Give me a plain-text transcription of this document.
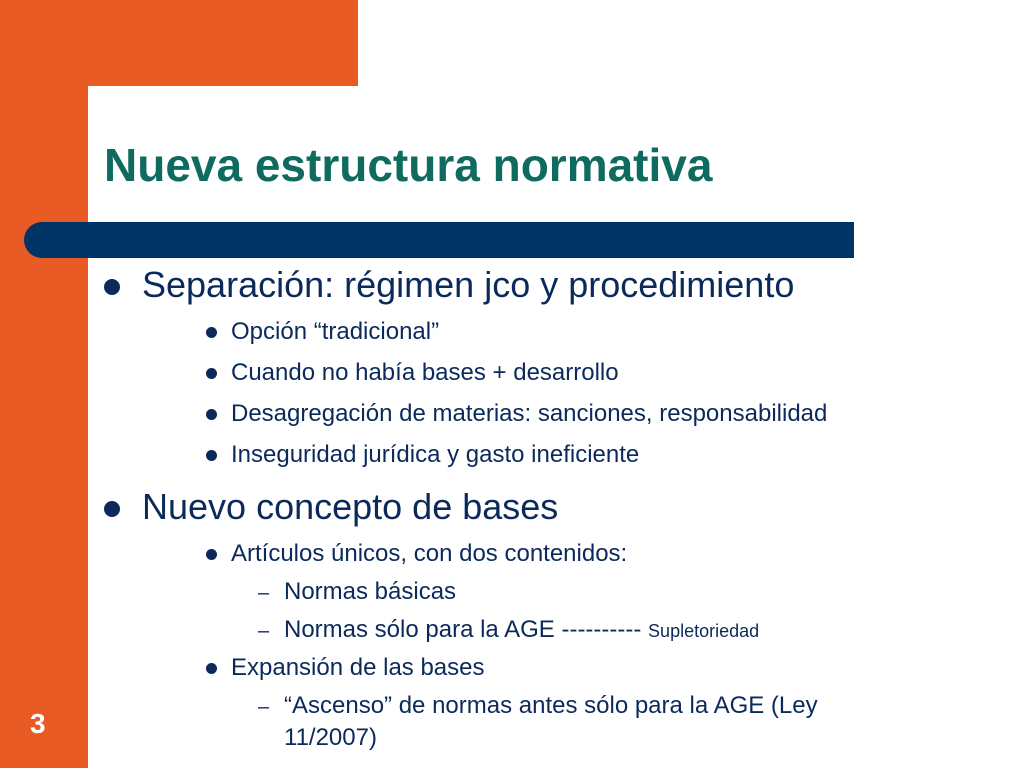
Nueva estructura normativa
Separación: régimen jco y procedimiento
Opción “tradicional”
Cuando no había bases + desarrollo
Desagregación de materias: sanciones, responsabilidad
Inseguridad jurídica y gasto ineficiente
Nuevo concepto de bases
Artículos únicos, con dos contenidos:
– Normas básicas
– Normas sólo para la AGE ---------- Supletoriedad
Expansión de las bases
– “Ascenso” de normas antes sólo para la AGE (Ley
11/2007)
3
